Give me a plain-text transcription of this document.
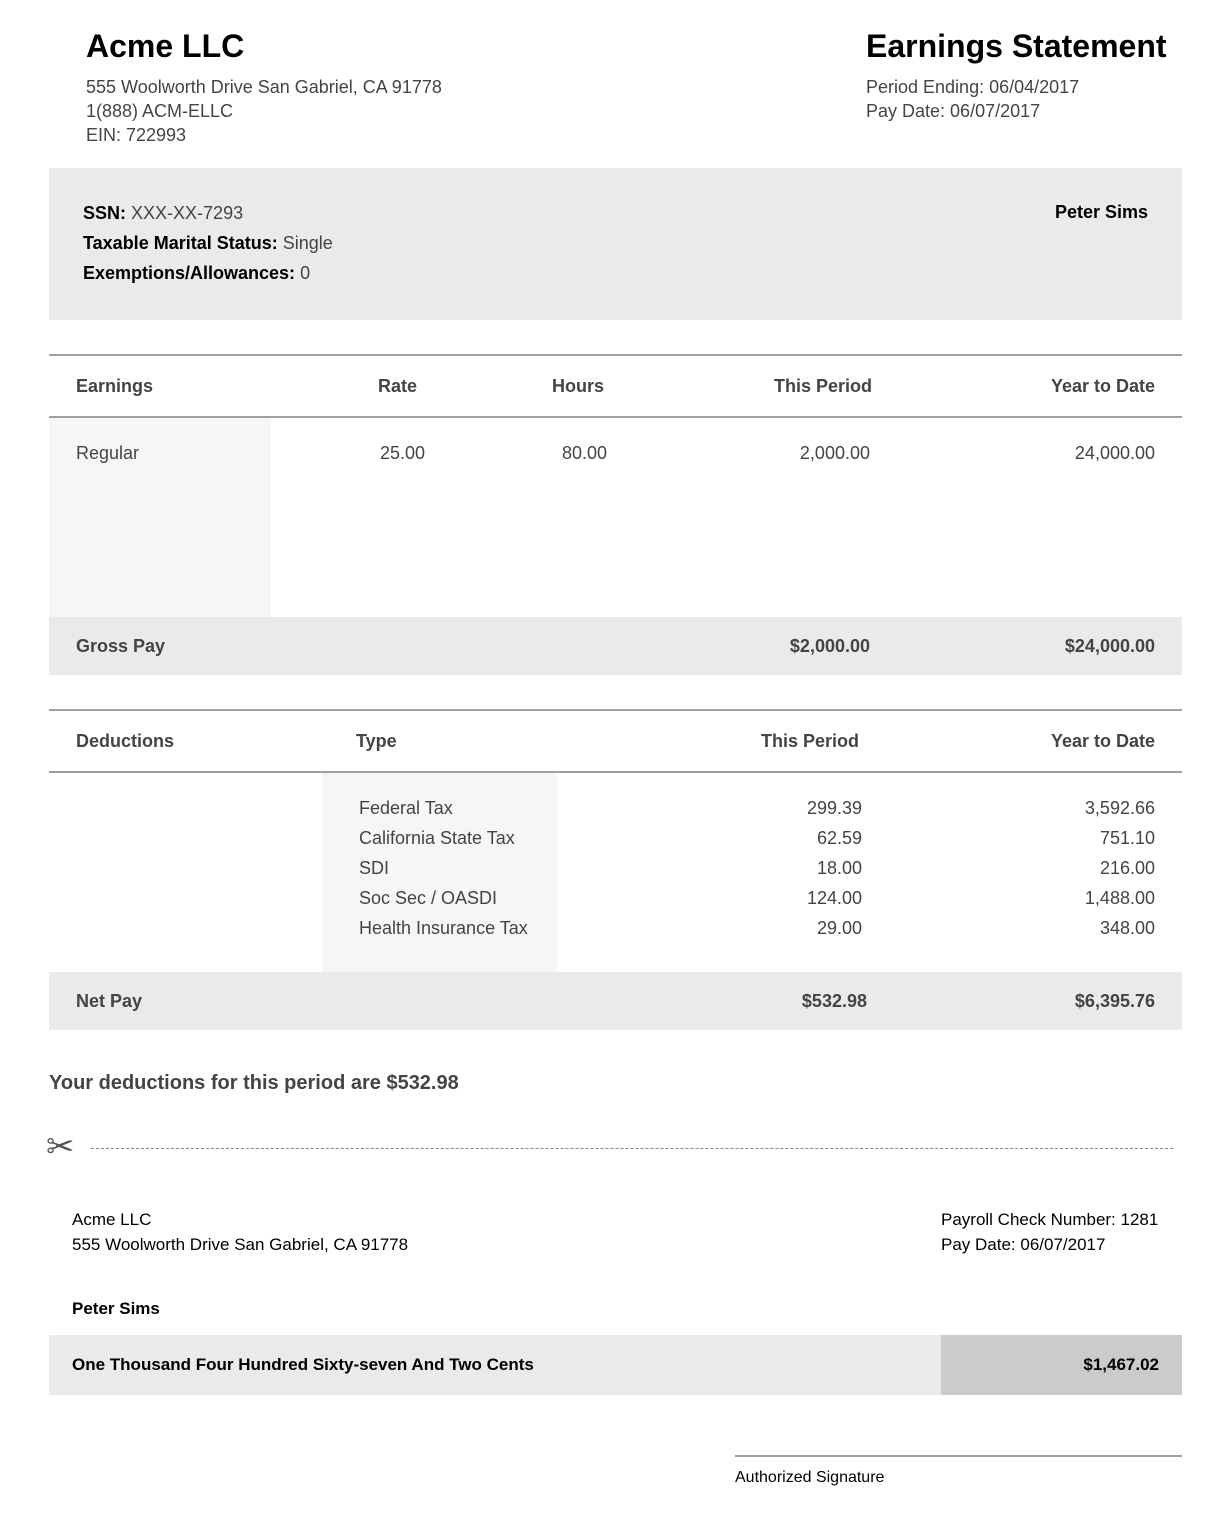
Acme LLC
555 Woolworth Drive San Gabriel, CA 91778
1(888) ACM-ELLC
EIN: 722993
Earnings Statement
Period Ending: 06/04/2017
Pay Date: 06/07/2017
SSN: XXX-XX-7293
Taxable Marital Status: Single
Exemptions/Allowances: 0
Peter Sims
Earnings	Rate	Hours	This Period	Year to Date
Regular	25.00	80.00	2,000.00	24,000.00
Gross Pay	$2,000.00	$24,000.00
Deductions	Type	This Period	Year to Date
Federal Tax	299.39	3,592.66
California State Tax	62.59	751.10
SDI	18.00	216.00
Soc Sec / OASDI	124.00	1,488.00
Health Insurance Tax	29.00	348.00
Net Pay	$532.98	$6,395.76
Your deductions for this period are $532.98
✂
Acme LLC
555 Woolworth Drive San Gabriel, CA 91778
Payroll Check Number: 1281
Pay Date: 06/07/2017
Peter Sims
One Thousand Four Hundred Sixty-seven And Two Cents	$1,467.02
Authorized Signature
